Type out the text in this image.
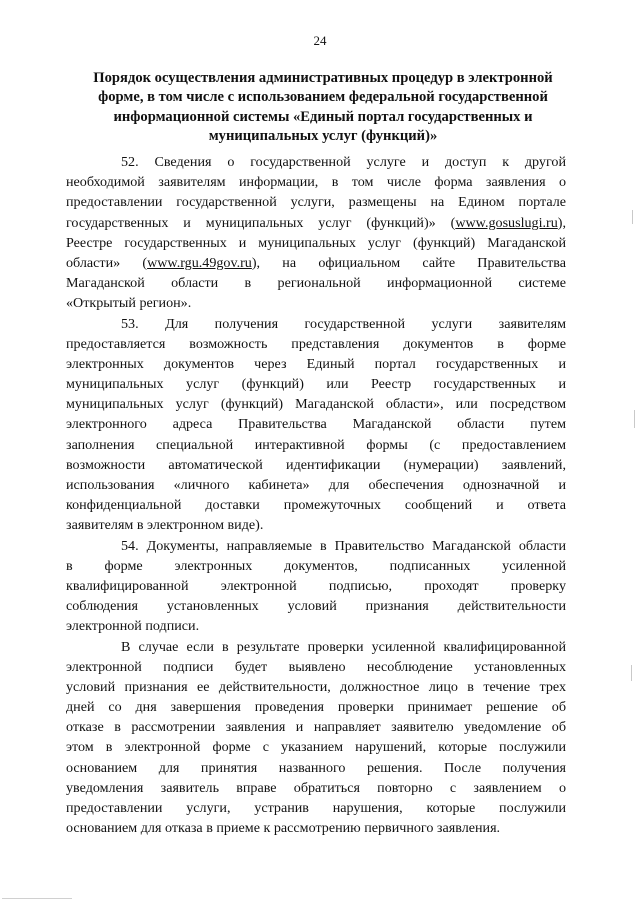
24
Порядок осуществления административных процедур в электронной
форме, в том числе с использованием федеральной государственной
информационной системы «Единый портал государственных и
муниципальных услуг (функций)»
52. Сведения о государственной услуге и доступ к другой
необходимой заявителям информации, в том числе форма заявления о
предоставлении государственной услуги, размещены на Едином портале
государственных и муниципальных услуг (функций)» (www.gosuslugi.ru),
Реестре государственных и муниципальных услуг (функций) Магаданской
области» (www.rgu.49gov.ru), на официальном сайте Правительства
Магаданской области в региональной информационной системе
«Открытый регион».
53. Для получения государственной услуги заявителям
предоставляется возможность представления документов в форме
электронных документов через Единый портал государственных и
муниципальных услуг (функций) или Реестр государственных и
муниципальных услуг (функций) Магаданской области», или посредством
электронного адреса Правительства Магаданской области путем
заполнения специальной интерактивной формы (с предоставлением
возможности автоматической идентификации (нумерации) заявлений,
использования «личного кабинета» для обеспечения однозначной и
конфиденциальной доставки промежуточных сообщений и ответа
заявителям в электронном виде).
54. Документы, направляемые в Правительство Магаданской области
в форме электронных документов, подписанных усиленной
квалифицированной электронной подписью, проходят проверку
соблюдения установленных условий признания действительности
электронной подписи.
В случае если в результате проверки усиленной квалифицированной
электронной подписи будет выявлено несоблюдение установленных
условий признания ее действительности, должностное лицо в течение трех
дней со дня завершения проведения проверки принимает решение об
отказе в рассмотрении заявления и направляет заявителю уведомление об
этом в электронной форме с указанием нарушений, которые послужили
основанием для принятия названного решения. После получения
уведомления заявитель вправе обратиться повторно с заявлением о
предоставлении услуги, устранив нарушения, которые послужили
основанием для отказа в приеме к рассмотрению первичного заявления.
